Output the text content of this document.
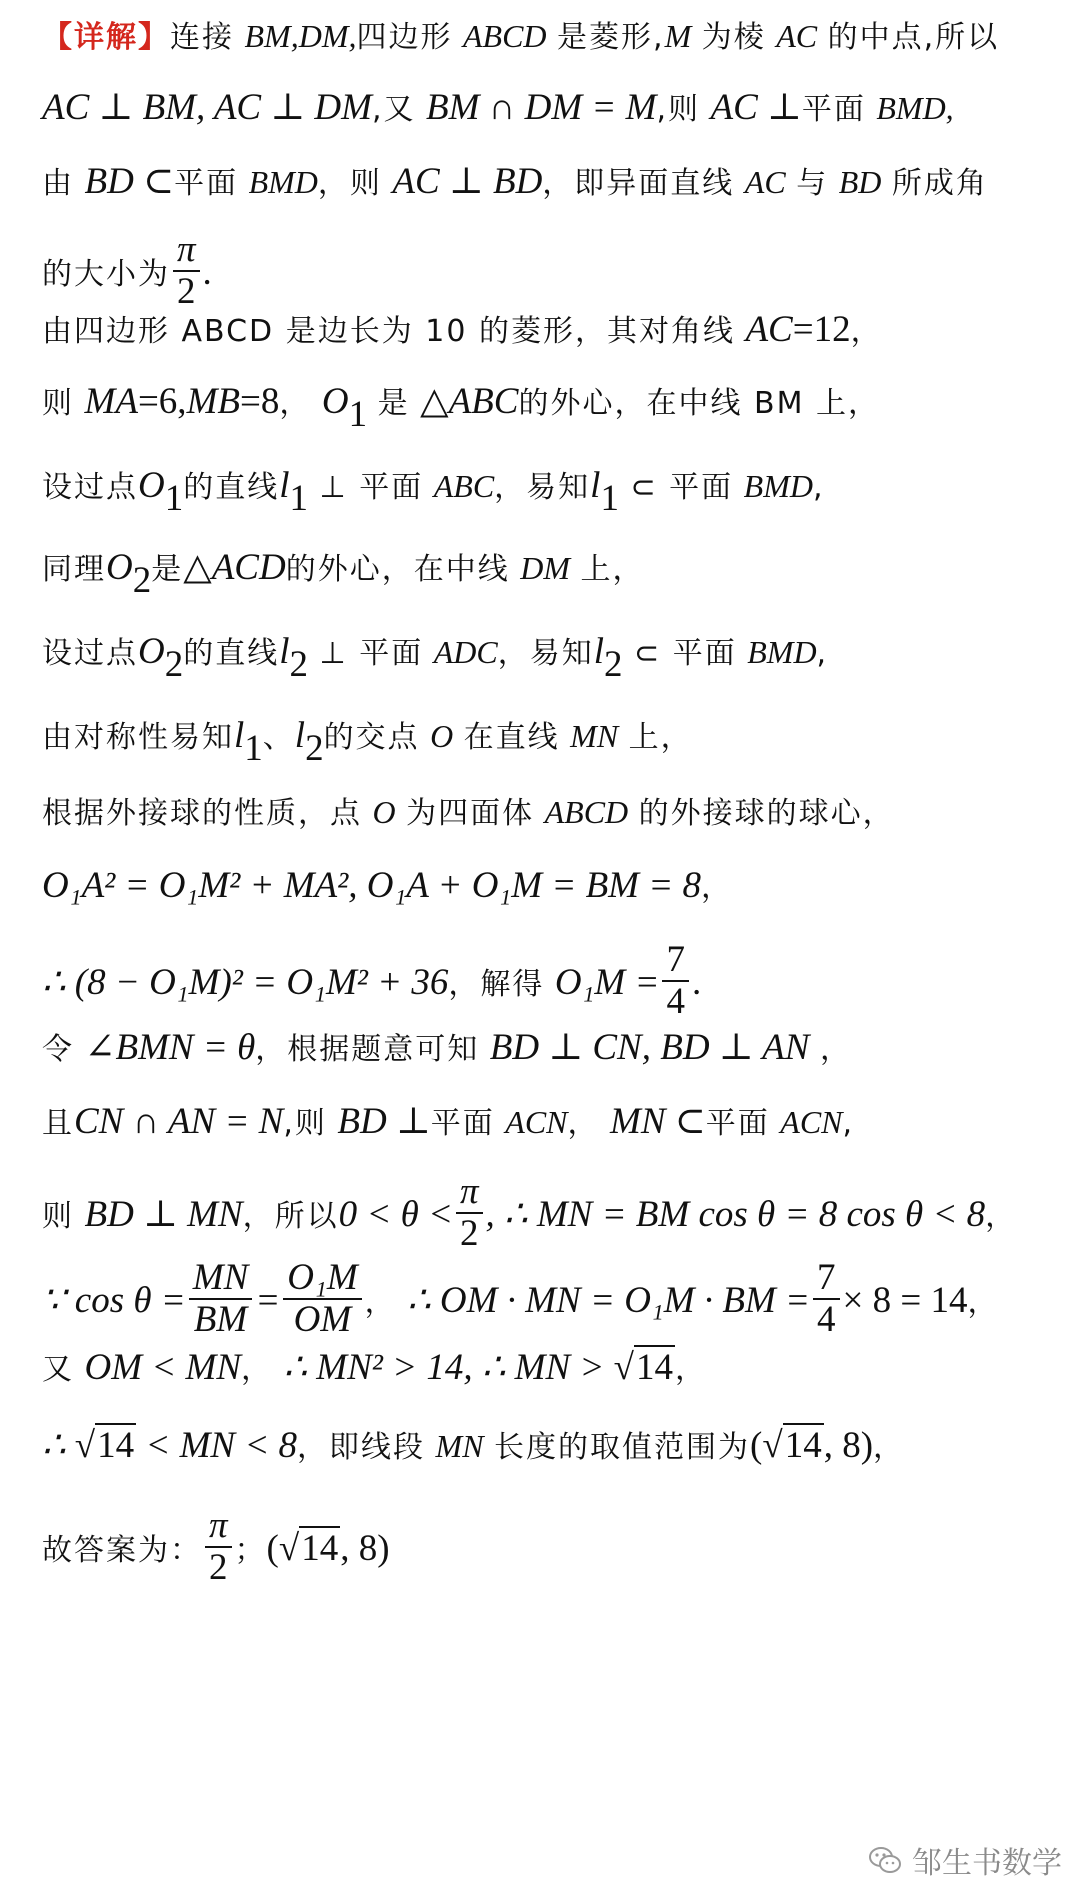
【详解】连接 BM,DM,四边形 ABCD 是菱形,M 为棱 AC 的中点,所以
AC ⊥ BM, AC ⊥ DM,又 BM ∩ DM = M,则 AC ⊥平面 BMD,
由 BD ⊂平面 BMD，则 AC ⊥ BD，即异面直线 AC 与 BD 所成角
的大小为 $\frac{\pi}{2}$ .
由四边形 ABCD 是边长为 10 的菱形，其对角线 AC=12，
则 MA=6,MB=8， $O_1$ 是 △ABC的外心，在中线 BM 上，
设过点$O_1$的直线$l_1$ ⊥ 平面 ABC，易知$l_1$ ⊂ 平面 BMD,
同理$O_2$是△ACD的外心，在中线 DM 上，
设过点$O_2$的直线$l_2$ ⊥ 平面 ADC，易知$l_2$ ⊂ 平面 BMD,
由对称性易知$l_1$、$l_2$的交点 O 在直线 MN 上，
根据外接球的性质，点 O 为四面体 ABCD 的外接球的球心，
O₁A² = O₁M² + MA², O₁A + O₁M = BM = 8，
∴ (8 − O₁M)² = O₁M² + 36，解得 $O_1M = \frac{7}{4}$ .
令 ∠BMN = θ，根据题意可知 BD ⊥ CN, BD ⊥ AN ，
且CN ∩ AN = N,则 BD ⊥平面 ACN， MN ⊂平面 ACN,
则 BD ⊥ MN，所以$0 < \theta < \frac{\pi}{2}$ , ∴ MN = BM cos θ = 8 cos θ < 8，
∵ $\cos \theta = \frac{MN}{BM} = \frac{\text{O₁M}}{OM}$ ， ∴ OM · MN = O₁M · BM = $\frac{7}{4} \times 8 = 14$，
又 OM < MN， ∴ MN² > 14, ∴ MN > √14，
∴ √14 < MN < 8，即线段 MN 长度的取值范围为(√14, 8)，
故答案为： $\frac{\pi}{2}$ ；(√14, 8)
邹生书数学
